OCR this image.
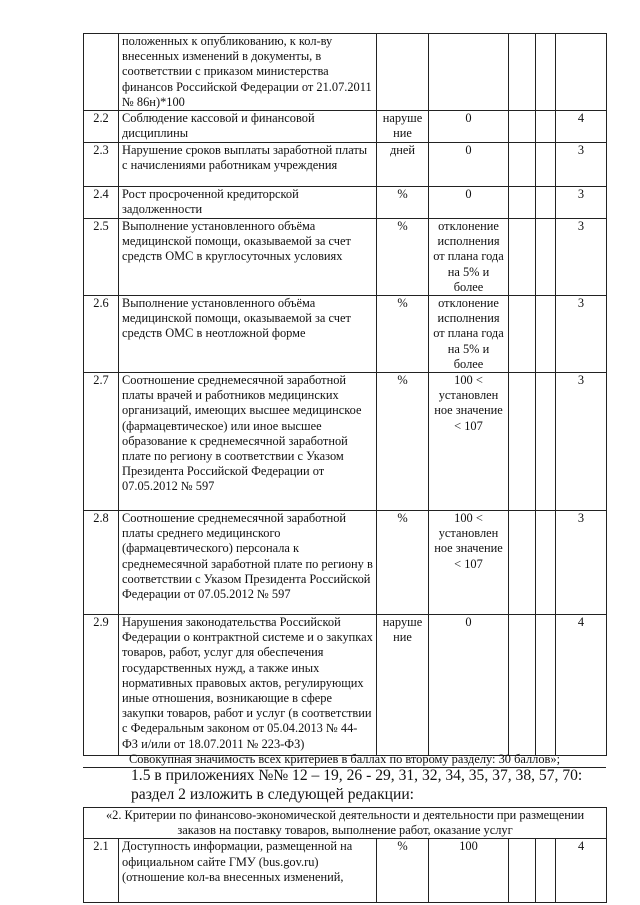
	положенных к опубликованию, к кол-ву внесенных изменений в документы, в соответствии с приказом министерства финансов Российской Федерации от 21.07.2011 № 86н)*100					
2.2	Соблюдение кассовой и финансовой дисциплины	наруше ние	0			4
2.3	Нарушение сроков выплаты заработной платы с начислениями работникам учреждения	дней	0			3
2.4	Рост просроченной кредиторской задолженности	%	0			3
2.5	Выполнение установленного объёма медицинской помощи, оказываемой за счет средств ОМС в круглосуточных условиях	%	отклонение исполнения от плана года на 5% и более			3
2.6	Выполнение установленного объёма медицинской помощи, оказываемой за счет средств ОМС в неотложной форме	%	отклонение исполнения от плана года на 5% и более			3
2.7	Соотношение среднемесячной заработной платы врачей и работников медицинских организаций, имеющих высшее медицинское (фармацевтическое) или иное высшее образование к среднемесячной заработной плате по региону в соответствии с Указом Президента Российской Федерации от 07.05.2012 № 597	%	100 < установлен ное значение < 107			3
2.8	Соотношение среднемесячной заработной платы среднего медицинского (фармацевтического) персонала к среднемесячной заработной плате по региону в соответствии с Указом Президента Российской Федерации от 07.05.2012 № 597	%	100 < установлен ное значение < 107			3
2.9	Нарушения законодательства Российской Федерации о контрактной системе и о закупках товаров, работ, услуг для обеспечения государственных нужд, а также иных нормативных правовых актов, регулирующих иные отношения, возникающие в сфере закупки товаров, работ и услуг (в соответствии с Федеральным законом от 05.04.2013 № 44-ФЗ и/или от 18.07.2011 № 223-ФЗ)	наруше ние	0			4
Совокупная значимость всех критериев в баллах по второму разделу: 30 баллов»;
1.5 в приложениях №№ 12 – 19, 26 - 29, 31, 32, 34, 35, 37, 38, 57, 70:
раздел 2 изложить в следующей редакции:
«2. Критерии по финансово-экономической деятельности и деятельности при размещении заказов на поставку товаров, выполнение работ, оказание услуг
2.1	Доступность информации, размещенной на официальном сайте ГМУ (bus.gov.ru) (отношение кол-ва внесенных изменений,	%	100			4
